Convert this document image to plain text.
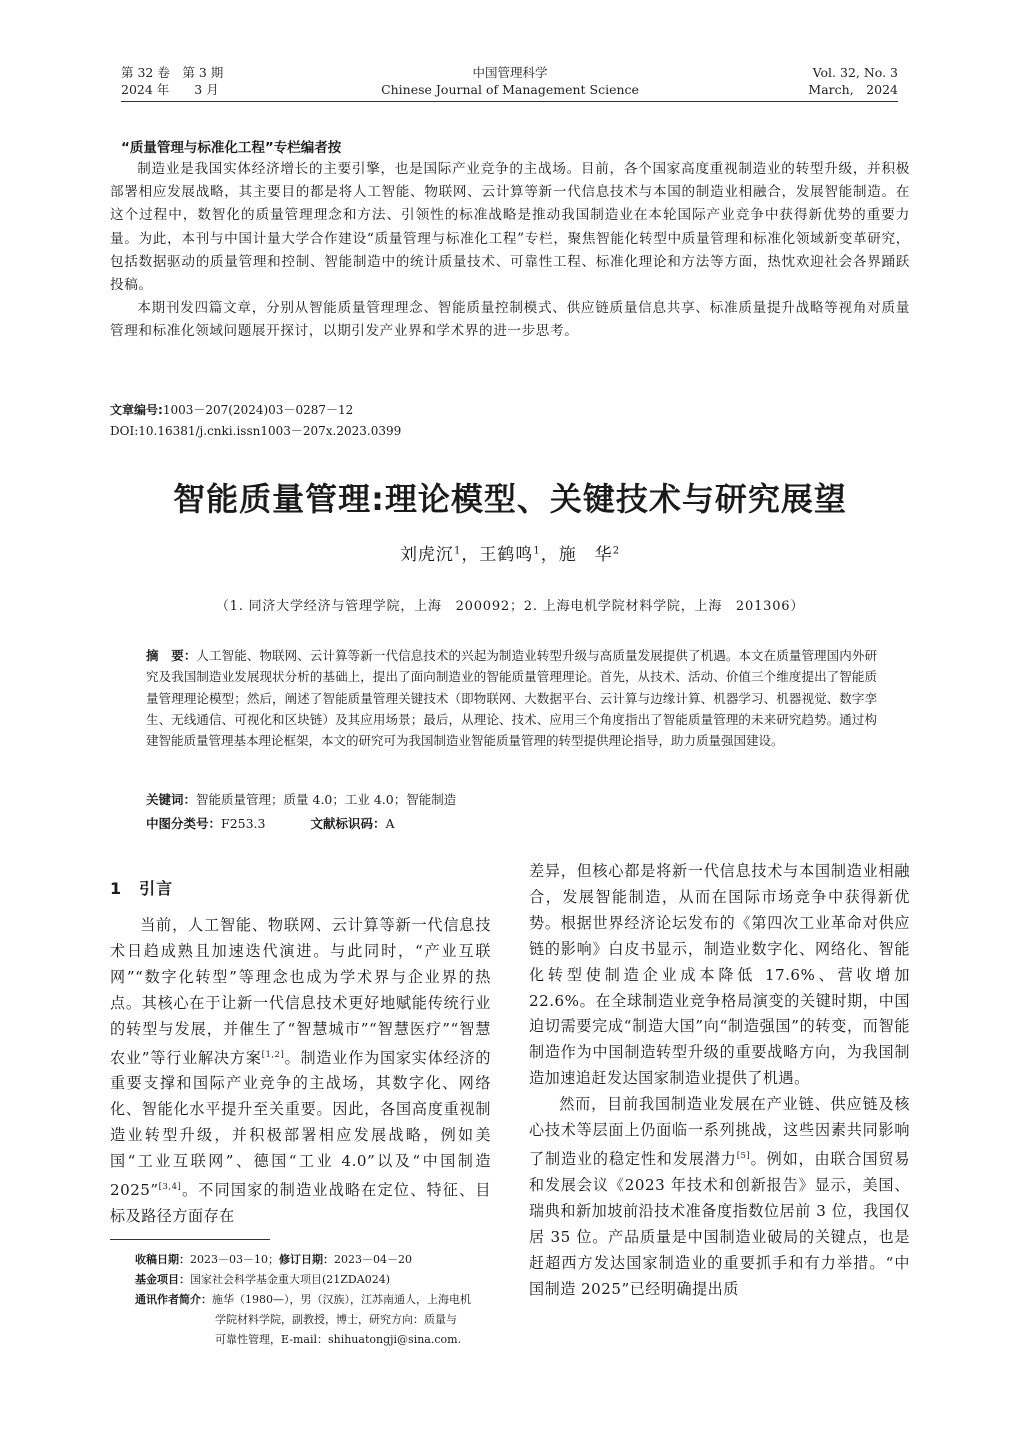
第 32 卷　第 3 期
2024 年　　3 月
中国管理科学
Chinese Journal of Management Science
Vol. 32, No. 3
March,　2024
“质量管理与标准化工程”专栏编者按

制造业是我国实体经济增长的主要引擎，也是国际产业竞争的主战场。目前，各个国家高度重视制造业的转型升级，并积极部署相应发展战略，其主要目的都是将人工智能、物联网、云计算等新一代信息技术与本国的制造业相融合，发展智能制造。在这个过程中，数智化的质量管理理念和方法、引领性的标准战略是推动我国制造业在本轮国际产业竞争中获得新优势的重要力量。为此，本刊与中国计量大学合作建设“质量管理与标准化工程”专栏，聚焦智能化转型中质量管理和标准化领域新变革研究，包括数据驱动的质量管理和控制、智能制造中的统计质量技术、可靠性工程、标准化理论和方法等方面，热忱欢迎社会各界踊跃投稿。

本期刊发四篇文章，分别从智能质量管理理念、智能质量控制模式、供应链质量信息共享、标准质量提升战略等视角对质量管理和标准化领域问题展开探讨，以期引发产业界和学术界的进一步思考。

文章编号:1003－207(2024)03－0287－12
DOI:10.16381/j.cnki.issn1003－207x.2023.0399
智能质量管理:理论模型、关键技术与研究展望
刘虎沉$^1$，王鹤鸣$^1$，施　华$^2$
（1. 同济大学经济与管理学院，上海　200092；2. 上海电机学院材料学院，上海　201306）
摘　要：人工智能、物联网、云计算等新一代信息技术的兴起为制造业转型升级与高质量发展提供了机遇。本文在质量管理国内外研究及我国制造业发展现状分析的基础上，提出了面向制造业的智能质量管理理论。首先，从技术、活动、价值三个维度提出了智能质量管理理论模型；然后，阐述了智能质量管理关键技术（即物联网、大数据平台、云计算与边缘计算、机器学习、机器视觉、数字孪生、无线通信、可视化和区块链）及其应用场景；最后，从理论、技术、应用三个角度指出了智能质量管理的未来研究趋势。通过构建智能质量管理基本理论框架，本文的研究可为我国制造业智能质量管理的转型提供理论指导，助力质量强国建设。
关键词：智能质量管理；质量 4.0；工业 4.0；智能制造
中图分类号：F253.3	文献标识码：A
1　引言

当前，人工智能、物联网、云计算等新一代信息技术日趋成熟且加速迭代演进。与此同时，“产业互联网”“数字化转型”等理念也成为学术界与企业界的热点。其核心在于让新一代信息技术更好地赋能传统行业的转型与发展，并催生了“智慧城市”“智慧医疗”“智慧农业”等行业解决方案[1,2]。制造业作为国家实体经济的重要支撑和国际产业竞争的主战场，其数字化、网络化、智能化水平提升至关重要。因此，各国高度重视制造业转型升级，并积极部署相应发展战略，例如美国“工业互联网”、德国“工业 4.0”以及“中国制造 2025”[3,4]。不同国家的制造业战略在定位、特征、目标及路径方面存在

差异，但核心都是将新一代信息技术与本国制造业相融合，发展智能制造，从而在国际市场竞争中获得新优势。根据世界经济论坛发布的《第四次工业革命对供应链的影响》白皮书显示，制造业数字化、网络化、智能化转型使制造企业成本降低 17.6%、营收增加 22.6%。在全球制造业竞争格局演变的关键时期，中国迫切需要完成“制造大国”向“制造强国”的转变，而智能制造作为中国制造转型升级的重要战略方向，为我国制造加速追赶发达国家制造业提供了机遇。

然而，目前我国制造业发展在产业链、供应链及核心技术等层面上仍面临一系列挑战，这些因素共同影响了制造业的稳定性和发展潜力[5]。例如，由联合国贸易和发展会议《2023 年技术和创新报告》显示，美国、瑞典和新加坡前沿技术准备度指数位居前 3 位，我国仅居 35 位。产品质量是中国制造业破局的关键点，也是赶超西方发达国家制造业的重要抓手和有力举措。“中国制造 2025”已经明确提出质

收稿日期： 2023－03－10； 修订日期： 2023－04－20
基金项目： 国家社会科学基金重大项目(21ZDA024)
通讯作者简介： 施华（1980—），男（汉族），江苏南通人，上海电机
学院材料学院，副教授，博士，研究方向：质量与
可靠性管理，E-mail：shihuatongji@sina.com.
